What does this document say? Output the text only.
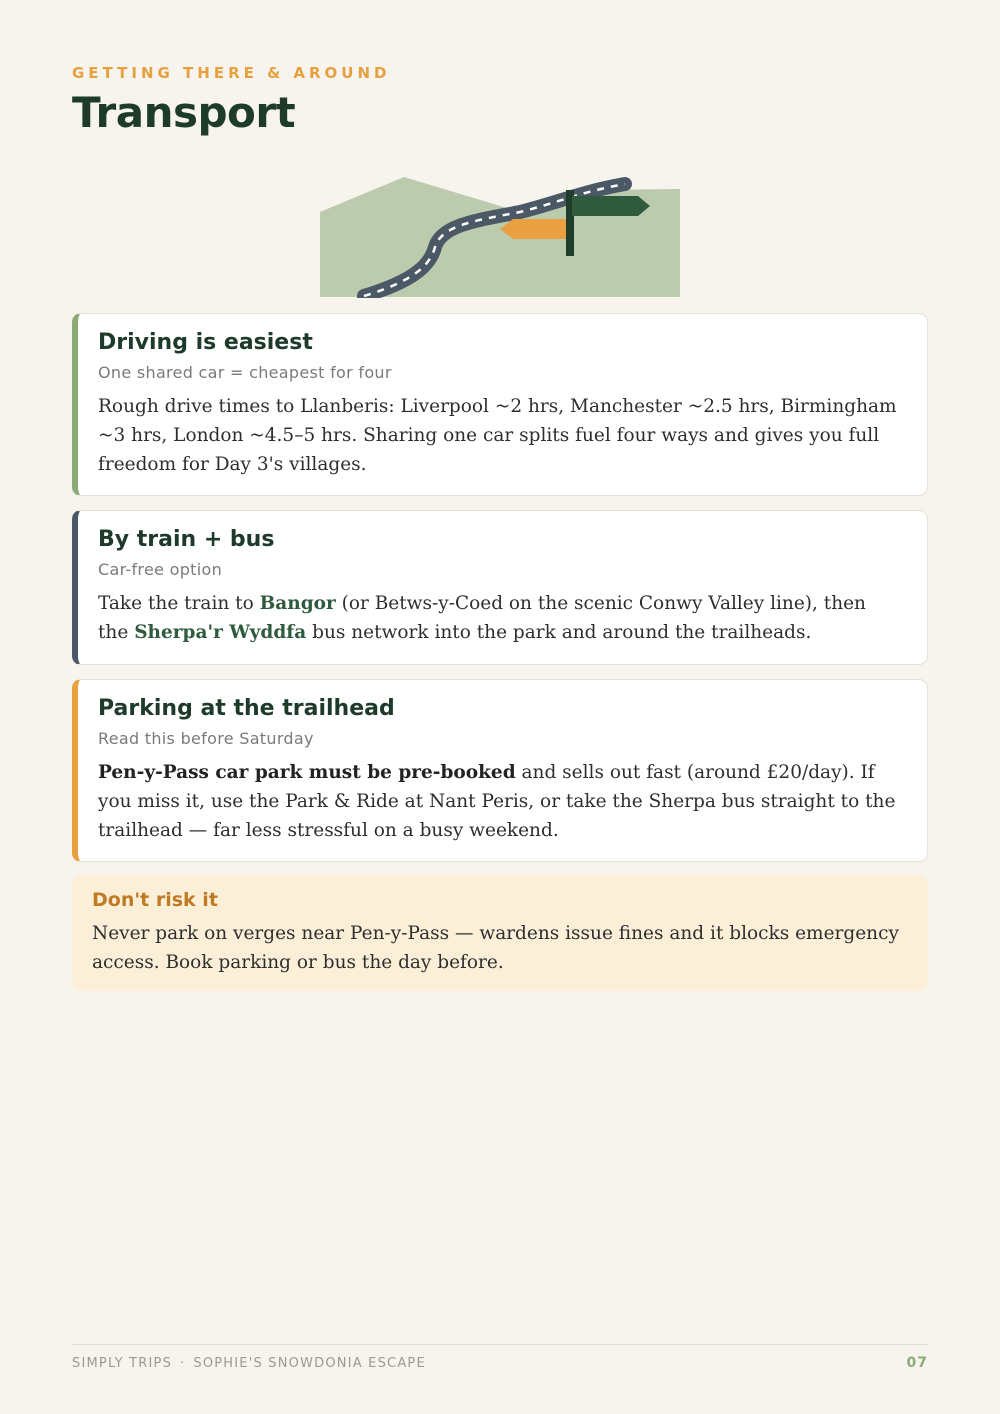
GETTING THERE & AROUND
Transport
Driving is easiest
One shared car = cheapest for four
Rough drive times to Llanberis: Liverpool ~2 hrs, Manchester ~2.5 hrs, Birmingham ~3 hrs, London ~4.5–5 hrs. Sharing one car splits fuel four ways and gives you full freedom for Day 3's villages.
By train + bus
Car-free option
Take the train to Bangor (or Betws-y-Coed on the scenic Conwy Valley line), then the Sherpa'r Wyddfa bus network into the park and around the trailheads.
Parking at the trailhead
Read this before Saturday
Pen-y-Pass car park must be pre-booked and sells out fast (around £20/day). If you miss it, use the Park & Ride at Nant Peris, or take the Sherpa bus straight to the trailhead — far less stressful on a busy weekend.
Don't risk it
Never park on verges near Pen-y-Pass — wardens issue fines and it blocks emergency access. Book parking or bus the day before.
SIMPLY TRIPS · SOPHIE'S SNOWDONIA ESCAPE	07
